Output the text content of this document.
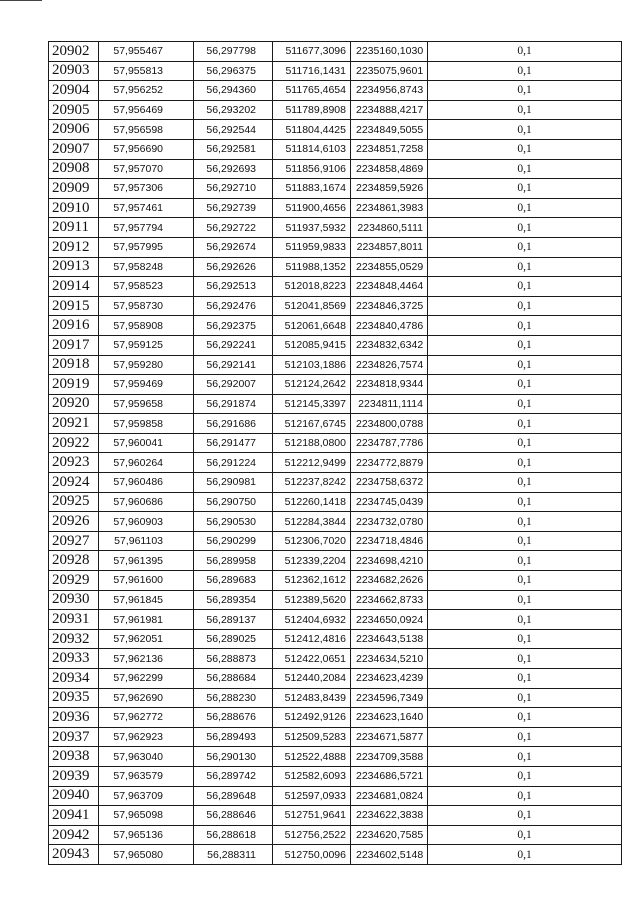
20902	57,955467	56,297798	511677,3096	2235160,1030	0,1
20903	57,955813	56,296375	511716,1431	2235075,9601	0,1
20904	57,956252	56,294360	511765,4654	2234956,8743	0,1
20905	57,956469	56,293202	511789,8908	2234888,4217	0,1
20906	57,956598	56,292544	511804,4425	2234849,5055	0,1
20907	57,956690	56,292581	511814,6103	2234851,7258	0,1
20908	57,957070	56,292693	511856,9106	2234858,4869	0,1
20909	57,957306	56,292710	511883,1674	2234859,5926	0,1
20910	57,957461	56,292739	511900,4656	2234861,3983	0,1
20911	57,957794	56,292722	511937,5932	2234860,5111	0,1
20912	57,957995	56,292674	511959,9833	2234857,8011	0,1
20913	57,958248	56,292626	511988,1352	2234855,0529	0,1
20914	57,958523	56,292513	512018,8223	2234848,4464	0,1
20915	57,958730	56,292476	512041,8569	2234846,3725	0,1
20916	57,958908	56,292375	512061,6648	2234840,4786	0,1
20917	57,959125	56,292241	512085,9415	2234832,6342	0,1
20918	57,959280	56,292141	512103,1886	2234826,7574	0,1
20919	57,959469	56,292007	512124,2642	2234818,9344	0,1
20920	57,959658	56,291874	512145,3397	2234811,1114	0,1
20921	57,959858	56,291686	512167,6745	2234800,0788	0,1
20922	57,960041	56,291477	512188,0800	2234787,7786	0,1
20923	57,960264	56,291224	512212,9499	2234772,8879	0,1
20924	57,960486	56,290981	512237,8242	2234758,6372	0,1
20925	57,960686	56,290750	512260,1418	2234745,0439	0,1
20926	57,960903	56,290530	512284,3844	2234732,0780	0,1
20927	57,961103	56,290299	512306,7020	2234718,4846	0,1
20928	57,961395	56,289958	512339,2204	2234698,4210	0,1
20929	57,961600	56,289683	512362,1612	2234682,2626	0,1
20930	57,961845	56,289354	512389,5620	2234662,8733	0,1
20931	57,961981	56,289137	512404,6932	2234650,0924	0,1
20932	57,962051	56,289025	512412,4816	2234643,5138	0,1
20933	57,962136	56,288873	512422,0651	2234634,5210	0,1
20934	57,962299	56,288684	512440,2084	2234623,4239	0,1
20935	57,962690	56,288230	512483,8439	2234596,7349	0,1
20936	57,962772	56,288676	512492,9126	2234623,1640	0,1
20937	57,962923	56,289493	512509,5283	2234671,5877	0,1
20938	57,963040	56,290130	512522,4888	2234709,3588	0,1
20939	57,963579	56,289742	512582,6093	2234686,5721	0,1
20940	57,963709	56,289648	512597,0933	2234681,0824	0,1
20941	57,965098	56,288646	512751,9641	2234622,3838	0,1
20942	57,965136	56,288618	512756,2522	2234620,7585	0,1
20943	57,965080	56,288311	512750,0096	2234602,5148	0,1
